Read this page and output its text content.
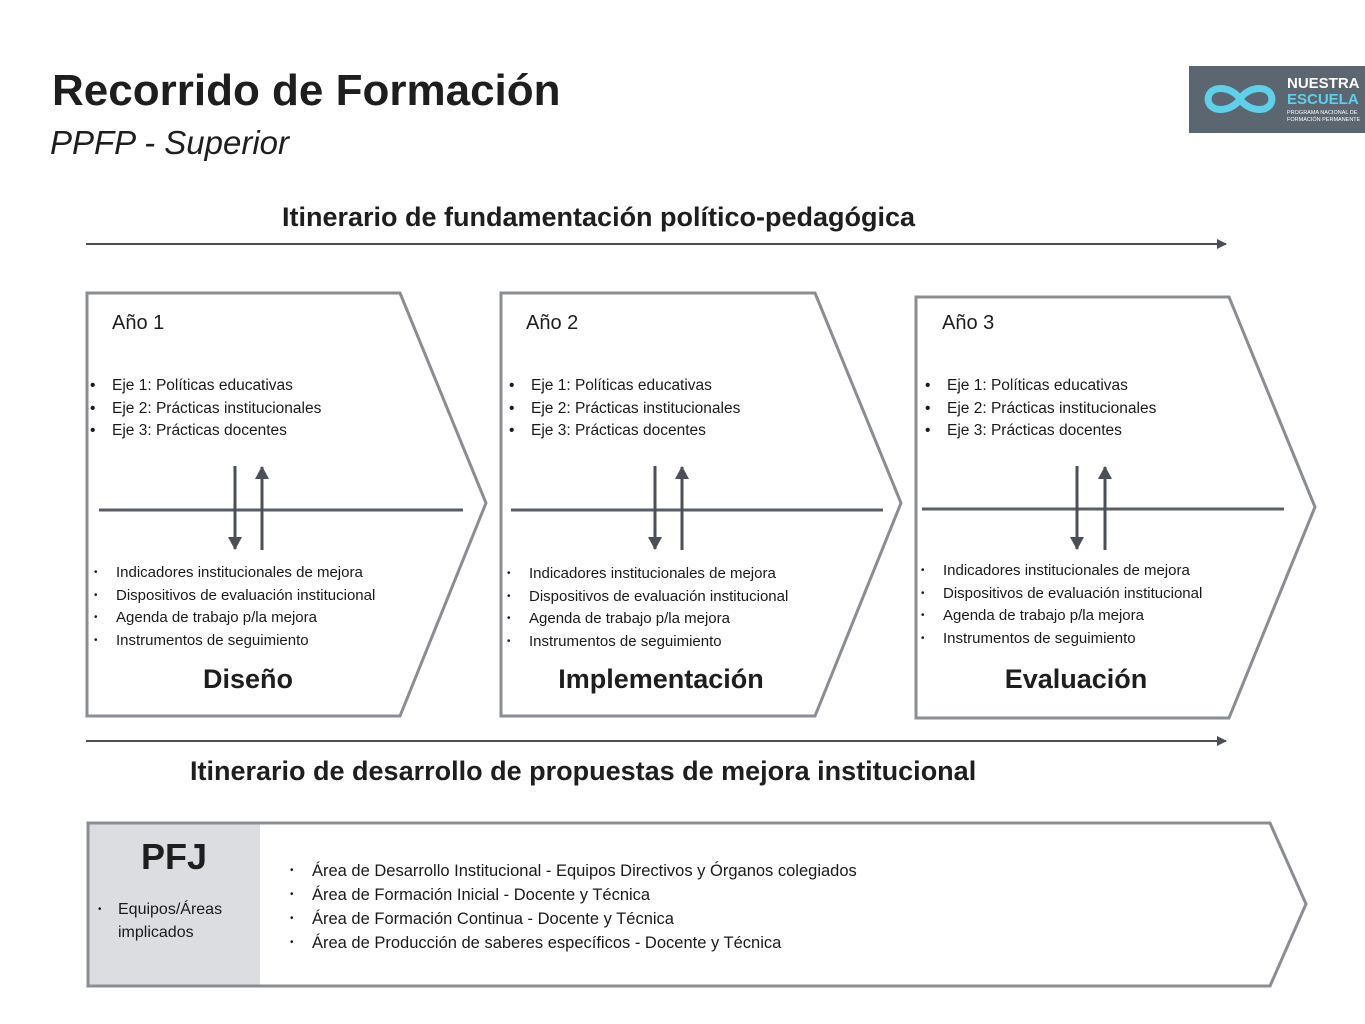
Recorrido de Formación
PPFP - Superior
NUESTRA
ESCUELA
PROGRAMA NACIONAL DE FORMACIÓN PERMANENTE
Itinerario de fundamentación político-pedagógica
Año 1
• Eje 1: Políticas educativas
• Eje 2: Prácticas institucionales
• Eje 3: Prácticas docentes
• Indicadores institucionales de mejora
• Dispositivos de evaluación institucional
• Agenda de trabajo p/la mejora
• Instrumentos de seguimiento
Diseño
Año 2
• Eje 1: Políticas educativas
• Eje 2: Prácticas institucionales
• Eje 3: Prácticas docentes
• Indicadores institucionales de mejora
• Dispositivos de evaluación institucional
• Agenda de trabajo p/la mejora
• Instrumentos de seguimiento
Implementación
Año 3
• Eje 1: Políticas educativas
• Eje 2: Prácticas institucionales
• Eje 3: Prácticas docentes
• Indicadores institucionales de mejora
• Dispositivos de evaluación institucional
• Agenda de trabajo p/la mejora
• Instrumentos de seguimiento
Evaluación
Itinerario de desarrollo de propuestas de mejora institucional
PFJ
•	Equipos/Áreas
implicados
• Área de Desarrollo Institucional - Equipos Directivos y Órganos colegiados
• Área de Formación Inicial - Docente y Técnica
• Área de Formación Continua - Docente y Técnica
• Área de Producción de saberes específicos - Docente y Técnica
